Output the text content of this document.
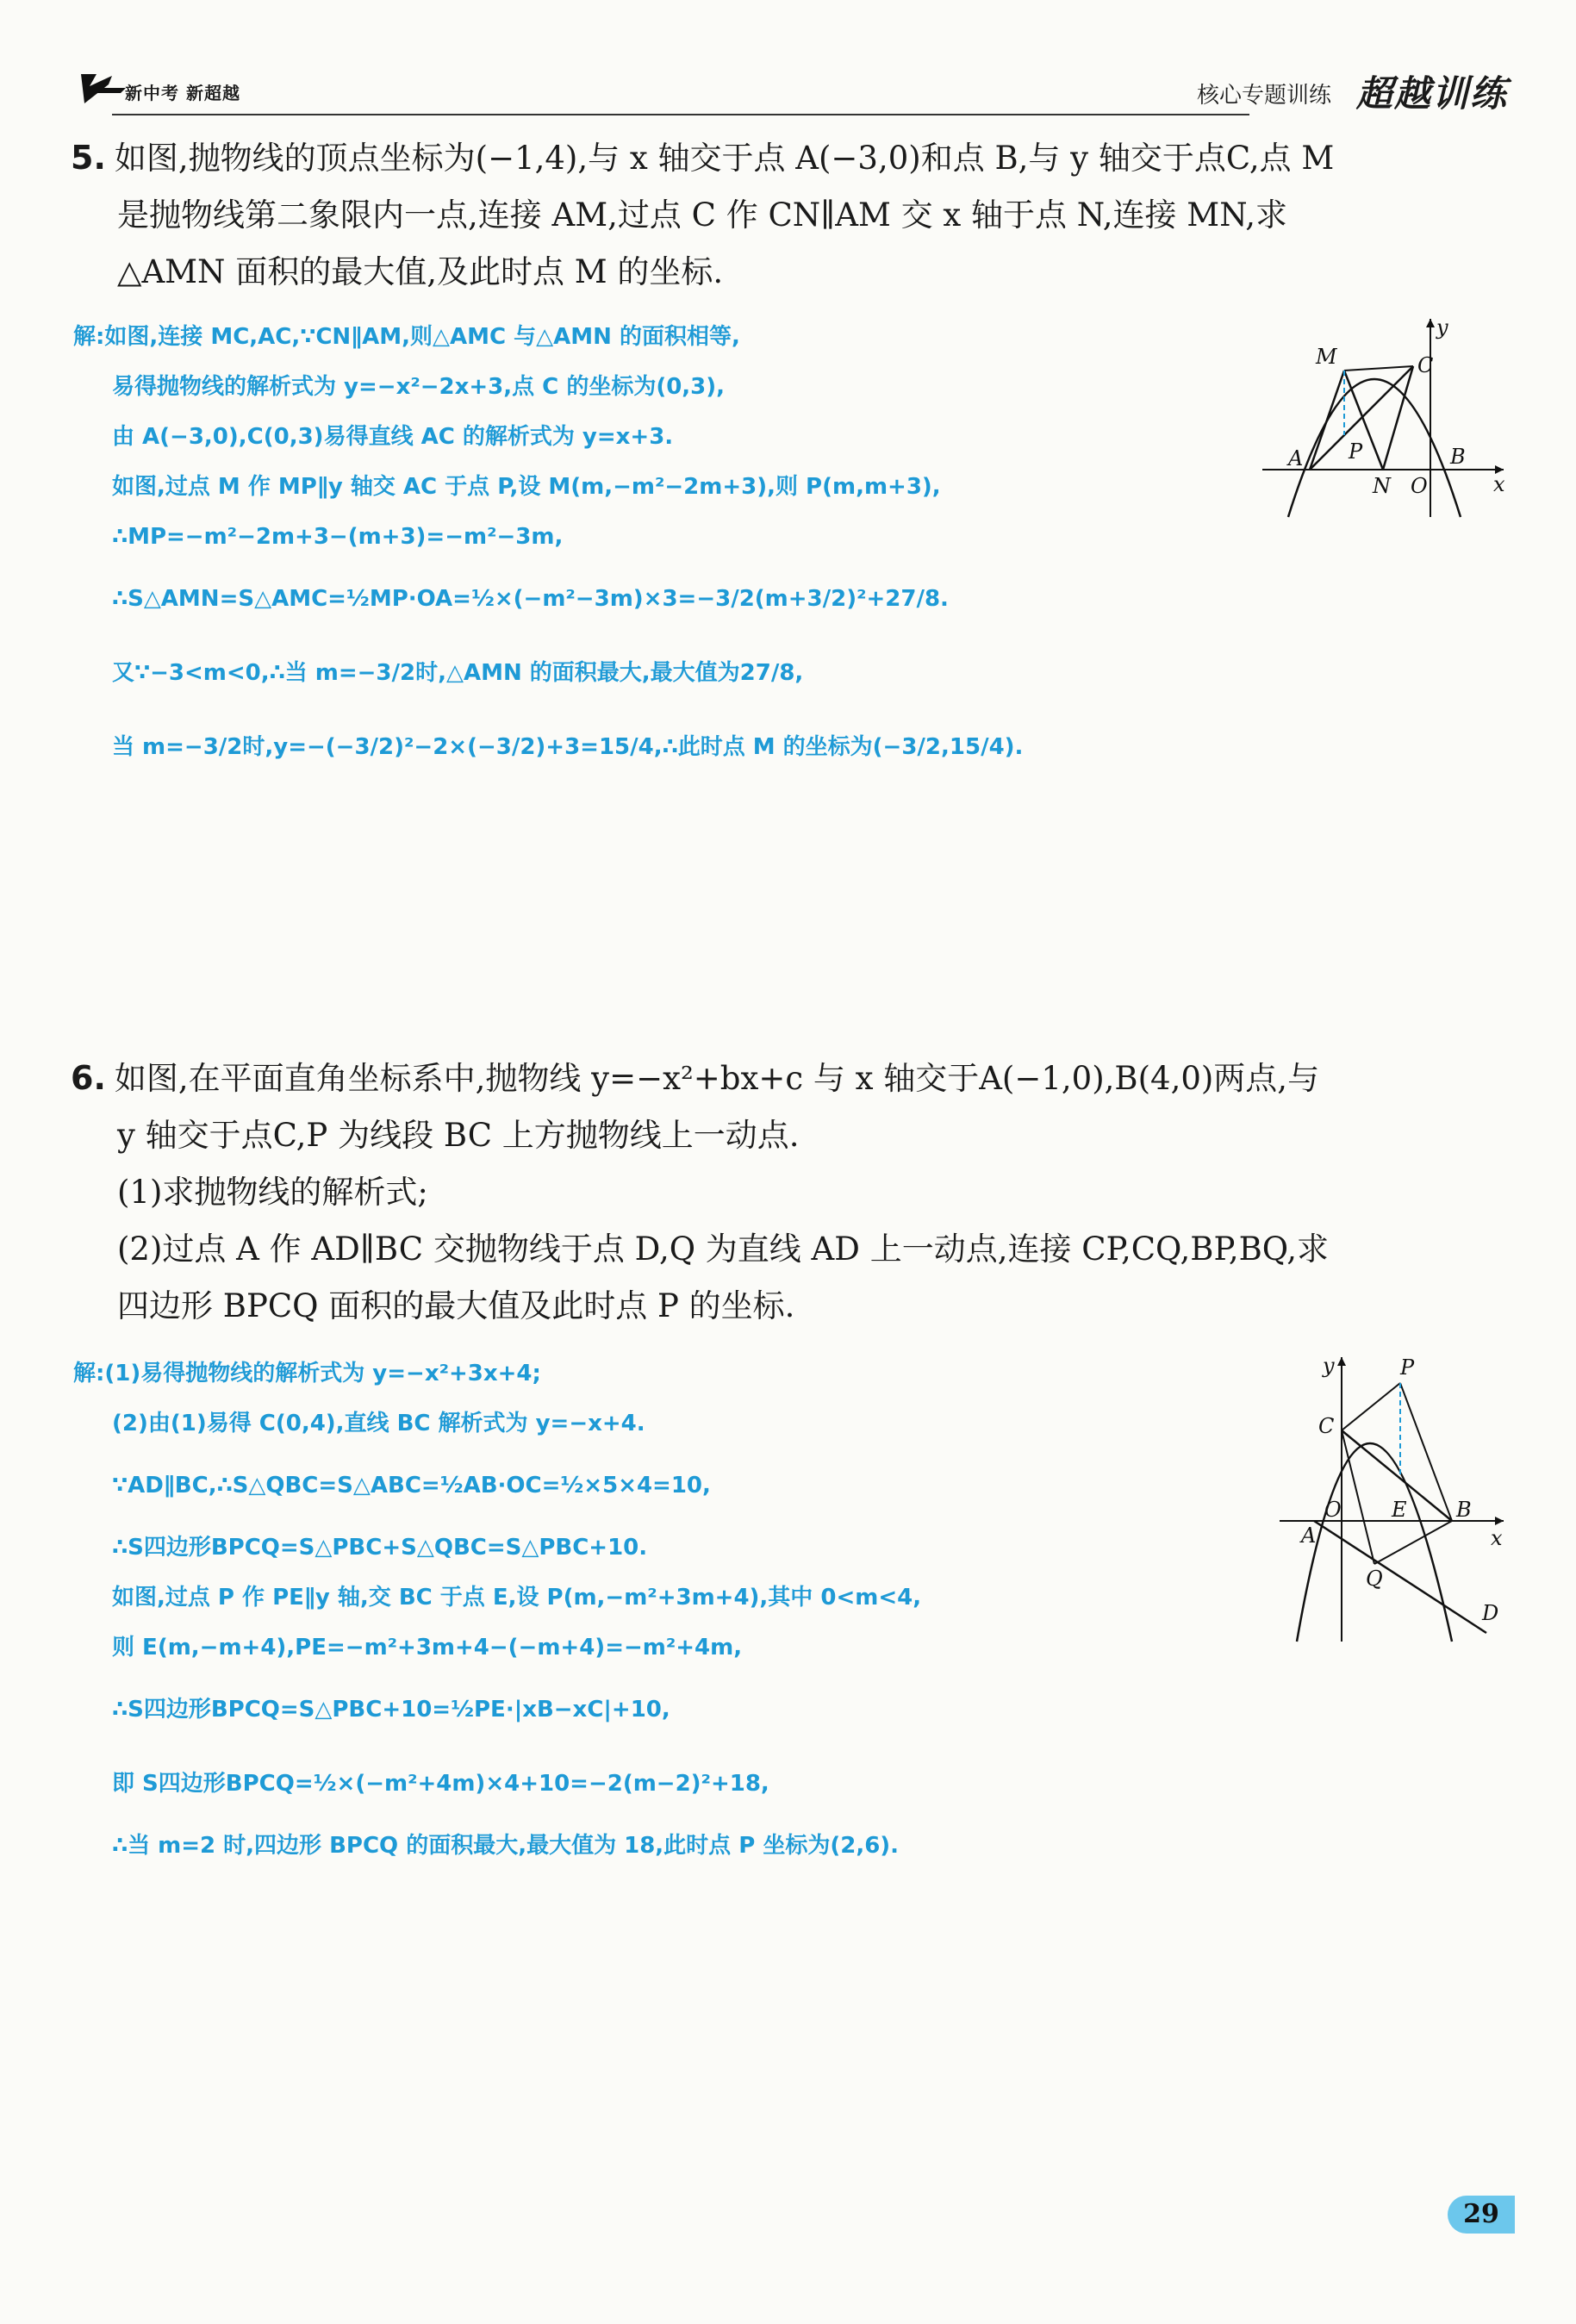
新中考 新超越	核心专题训练 超越训练
5. 如图,抛物线的顶点坐标为(−1,4),与 x 轴交于点 A(−3,0)和点 B,与 y 轴交于点C,点 M
是抛物线第二象限内一点,连接 AM,过点 C 作 CN∥AM 交 x 轴于点 N,连接 MN,求
△AMN 面积的最大值,及此时点 M 的坐标.
解:如图,连接 MC,AC,∵CN∥AM,则△AMC 与△AMN 的面积相等,
易得抛物线的解析式为 y=−x²−2x+3,点 C 的坐标为(0,3),
由 A(−3,0),C(0,3)易得直线 AC 的解析式为 y=x+3.
如图,过点 M 作 MP∥y 轴交 AC 于点 P,设 M(m,−m²−2m+3),则 P(m,m+3),
∴MP=−m²−2m+3−(m+3)=−m²−3m,
∴S△AMN=S△AMC=½MP·OA=½×(−m²−3m)×3=−3/2(m+3/2)²+27/8.
又∵−3<m<0,∴当 m=−3/2时,△AMN 的面积最大,最大值为27/8,
当 m=−3/2时,y=−(−3/2)²−2×(−3/2)+3=15/4,∴此时点 M 的坐标为(−3/2,15/4).
y
x
M	C
A P	B
N O
6. 如图,在平面直角坐标系中,抛物线 y=−x²+bx+c 与 x 轴交于A(−1,0),B(4,0)两点,与
y 轴交于点C,P 为线段 BC 上方抛物线上一动点.
(1)求抛物线的解析式;
(2)过点 A 作 AD∥BC 交抛物线于点 D,Q 为直线 AD 上一动点,连接 CP,CQ,BP,BQ,求
四边形 BPCQ 面积的最大值及此时点 P 的坐标.
解:(1)易得抛物线的解析式为 y=−x²+3x+4;
(2)由(1)易得 C(0,4),直线 BC 解析式为 y=−x+4.
∵AD∥BC,∴S△QBC=S△ABC=½AB·OC=½×5×4=10,
∴S四边形BPCQ=S△PBC+S△QBC=S△PBC+10.
如图,过点 P 作 PE∥y 轴,交 BC 于点 E,设 P(m,−m²+3m+4),其中 0<m<4,
则 E(m,−m+4),PE=−m²+3m+4−(−m+4)=−m²+4m,
∴S四边形BPCQ=S△PBC+10=½PE·|xB−xC|+10,
即 S四边形BPCQ=½×(−m²+4m)×4+10=−2(m−2)²+18,
∴当 m=2 时,四边形 BPCQ 的面积最大,最大值为 18,此时点 P 坐标为(2,6).
y
x
P
C
O E B
A
Q
D
29
